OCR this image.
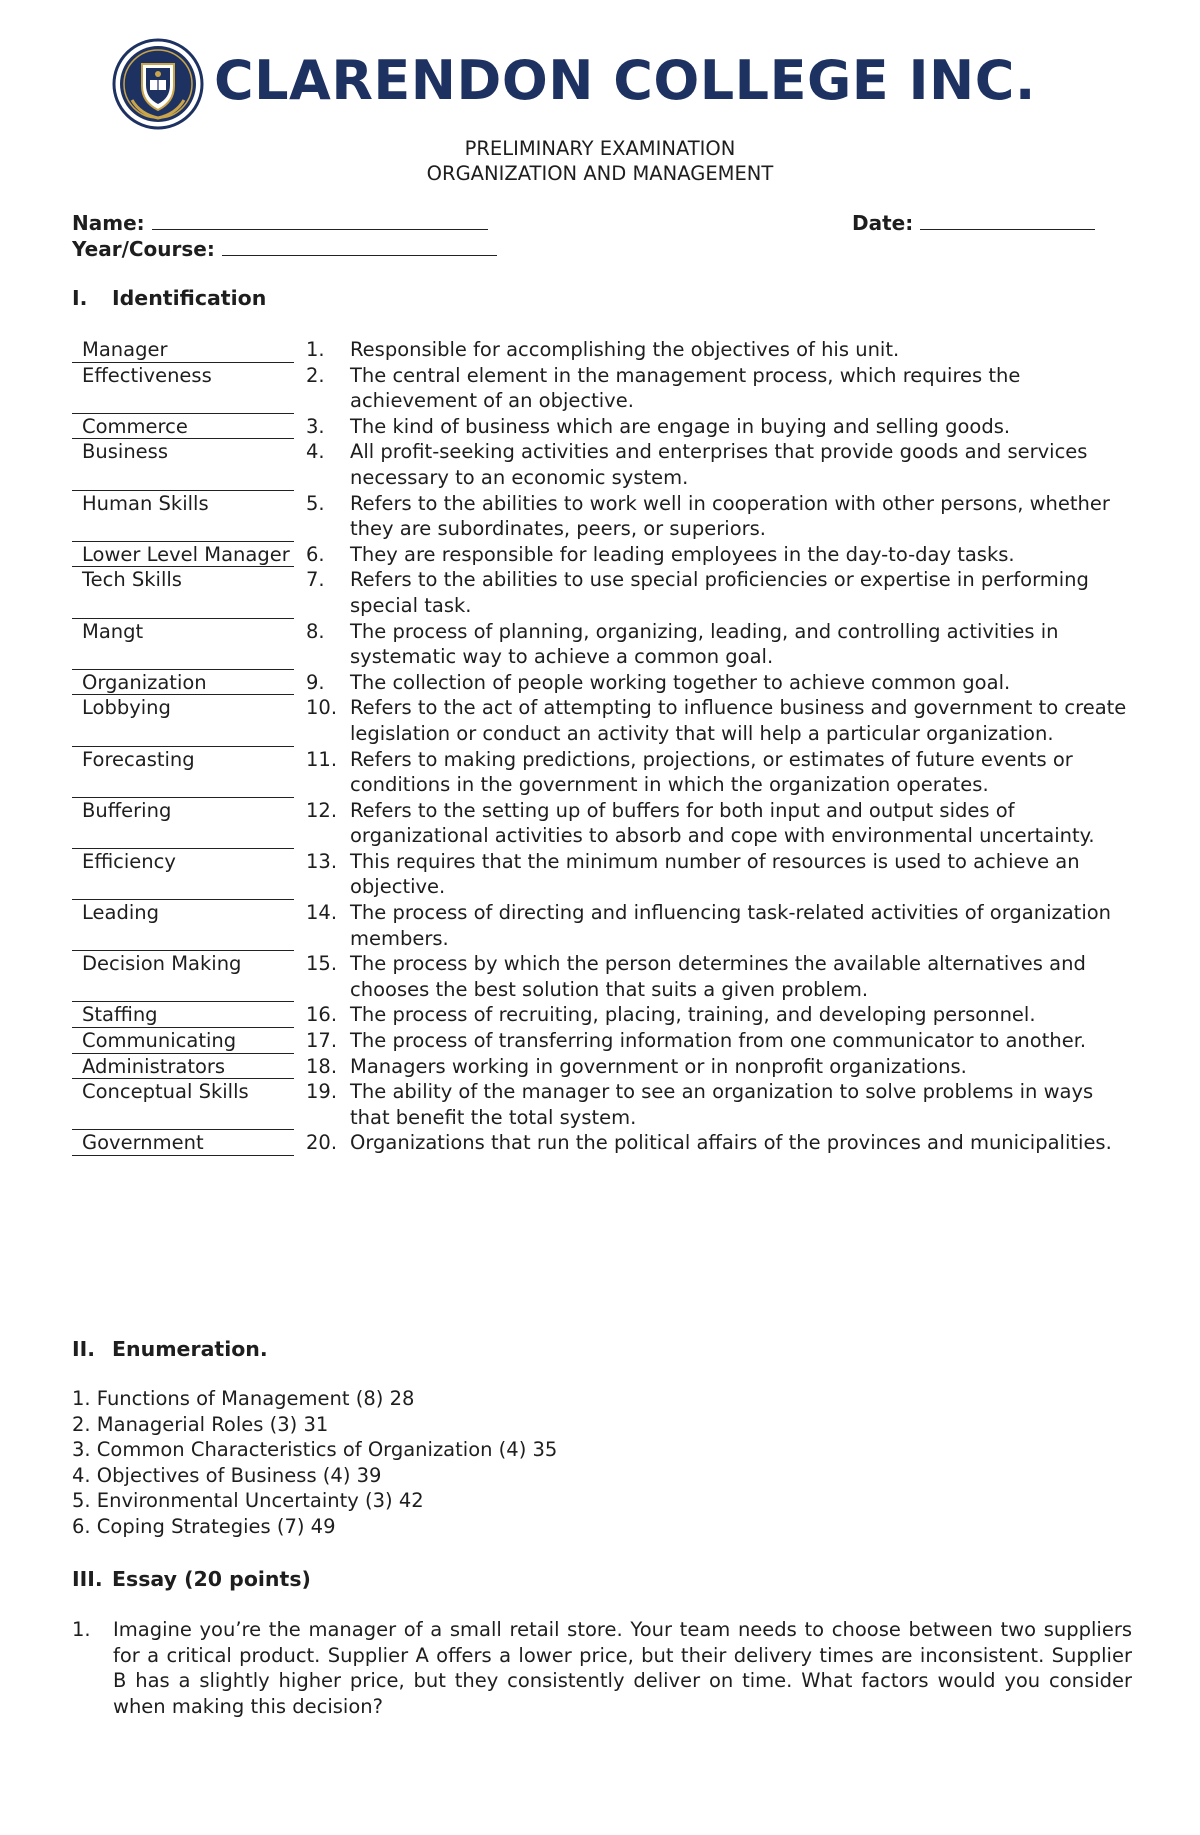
CLARENDON COLLEGE INC.
PRELIMINARY EXAMINATION
ORGANIZATION AND MANAGEMENT
Name:	Date:
Year/Course:
I. Identification
Manager	1.	Responsible for accomplishing the objectives of his unit.
Effectiveness	2.	The central element in the management process, which requires the achievement of an objective.
Commerce	3.	The kind of business which are engage in buying and selling goods.
Business	4.	All profit-seeking activities and enterprises that provide goods and services necessary to an economic system.
Human Skills	5.	Refers to the abilities to work well in cooperation with other persons, whether they are subordinates, peers, or superiors.
Lower Level Manager 6.	They are responsible for leading employees in the day-to-day tasks.
Tech Skills	7.	Refers to the abilities to use special proficiencies or expertise in performing special task.
Mangt	8.	The process of planning, organizing, leading, and controlling activities in systematic way to achieve a common goal.
Organization	9.	The collection of people working together to achieve common goal.
Lobbying	10. Refers to the act of attempting to influence business and government to create legislation or conduct an activity that will help a particular organization.
Forecasting	11. Refers to making predictions, projections, or estimates of future events or conditions in the government in which the organization operates.
Buffering	12. Refers to the setting up of buffers for both input and output sides of organizational activities to absorb and cope with environmental uncertainty.
Efficiency	13. This requires that the minimum number of resources is used to achieve an objective.
Leading	14. The process of directing and influencing task-related activities of organization members.
Decision Making	15. The process by which the person determines the available alternatives and chooses the best solution that suits a given problem.
Staffing	16. The process of recruiting, placing, training, and developing personnel.
Communicating	17. The process of transferring information from one communicator to another.
Administrators	18. Managers working in government or in nonprofit organizations.
Conceptual Skills	19. The ability of the manager to see an organization to solve problems in ways that benefit the total system.
Government	20. Organizations that run the political affairs of the provinces and municipalities.
II. Enumeration.
1. Functions of Management (8) 28
2. Managerial Roles (3) 31
3. Common Characteristics of Organization (4) 35
4. Objectives of Business (4) 39
5. Environmental Uncertainty (3) 42
6. Coping Strategies (7) 49
III. Essay (20 points)
1.	Imagine you’re the manager of a small retail store. Your team needs to choose between two suppliers for a critical product. Supplier A offers a lower price, but their delivery times are inconsistent. Supplier B has a slightly higher price, but they consistently deliver on time. What factors would you consider when making this decision?
